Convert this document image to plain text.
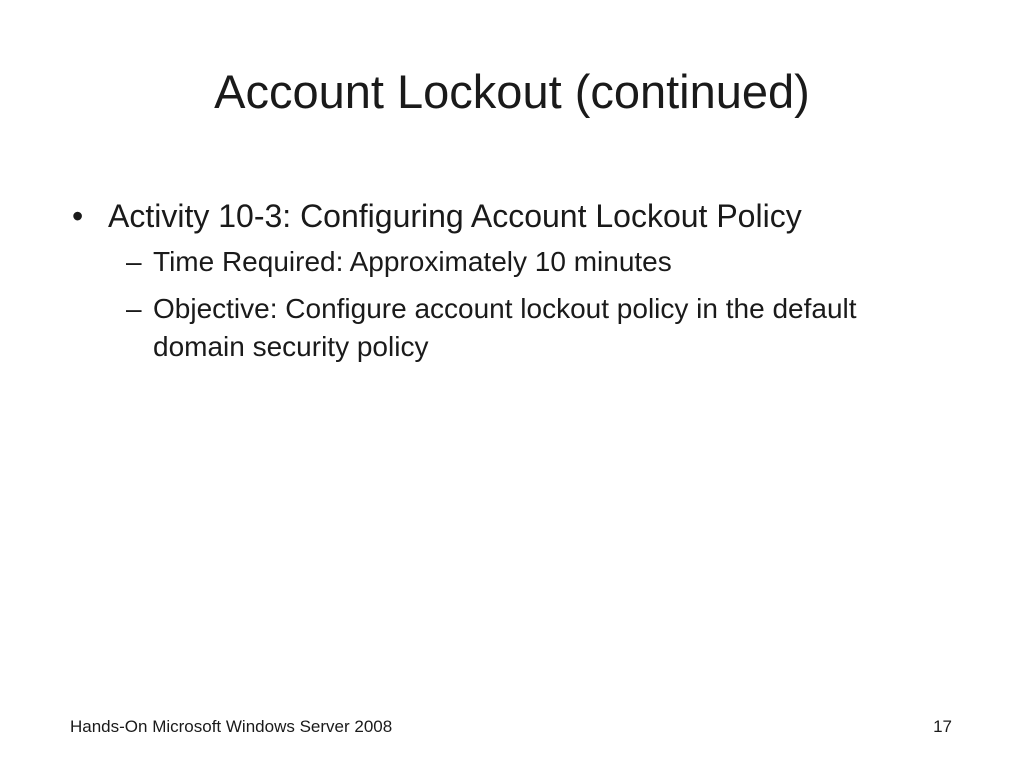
Account Lockout (continued)
• Activity 10-3: Configuring Account Lockout Policy
– Time Required: Approximately 10 minutes
– Objective: Configure account lockout policy in the default domain security policy
Hands-On Microsoft Windows Server 2008	17
